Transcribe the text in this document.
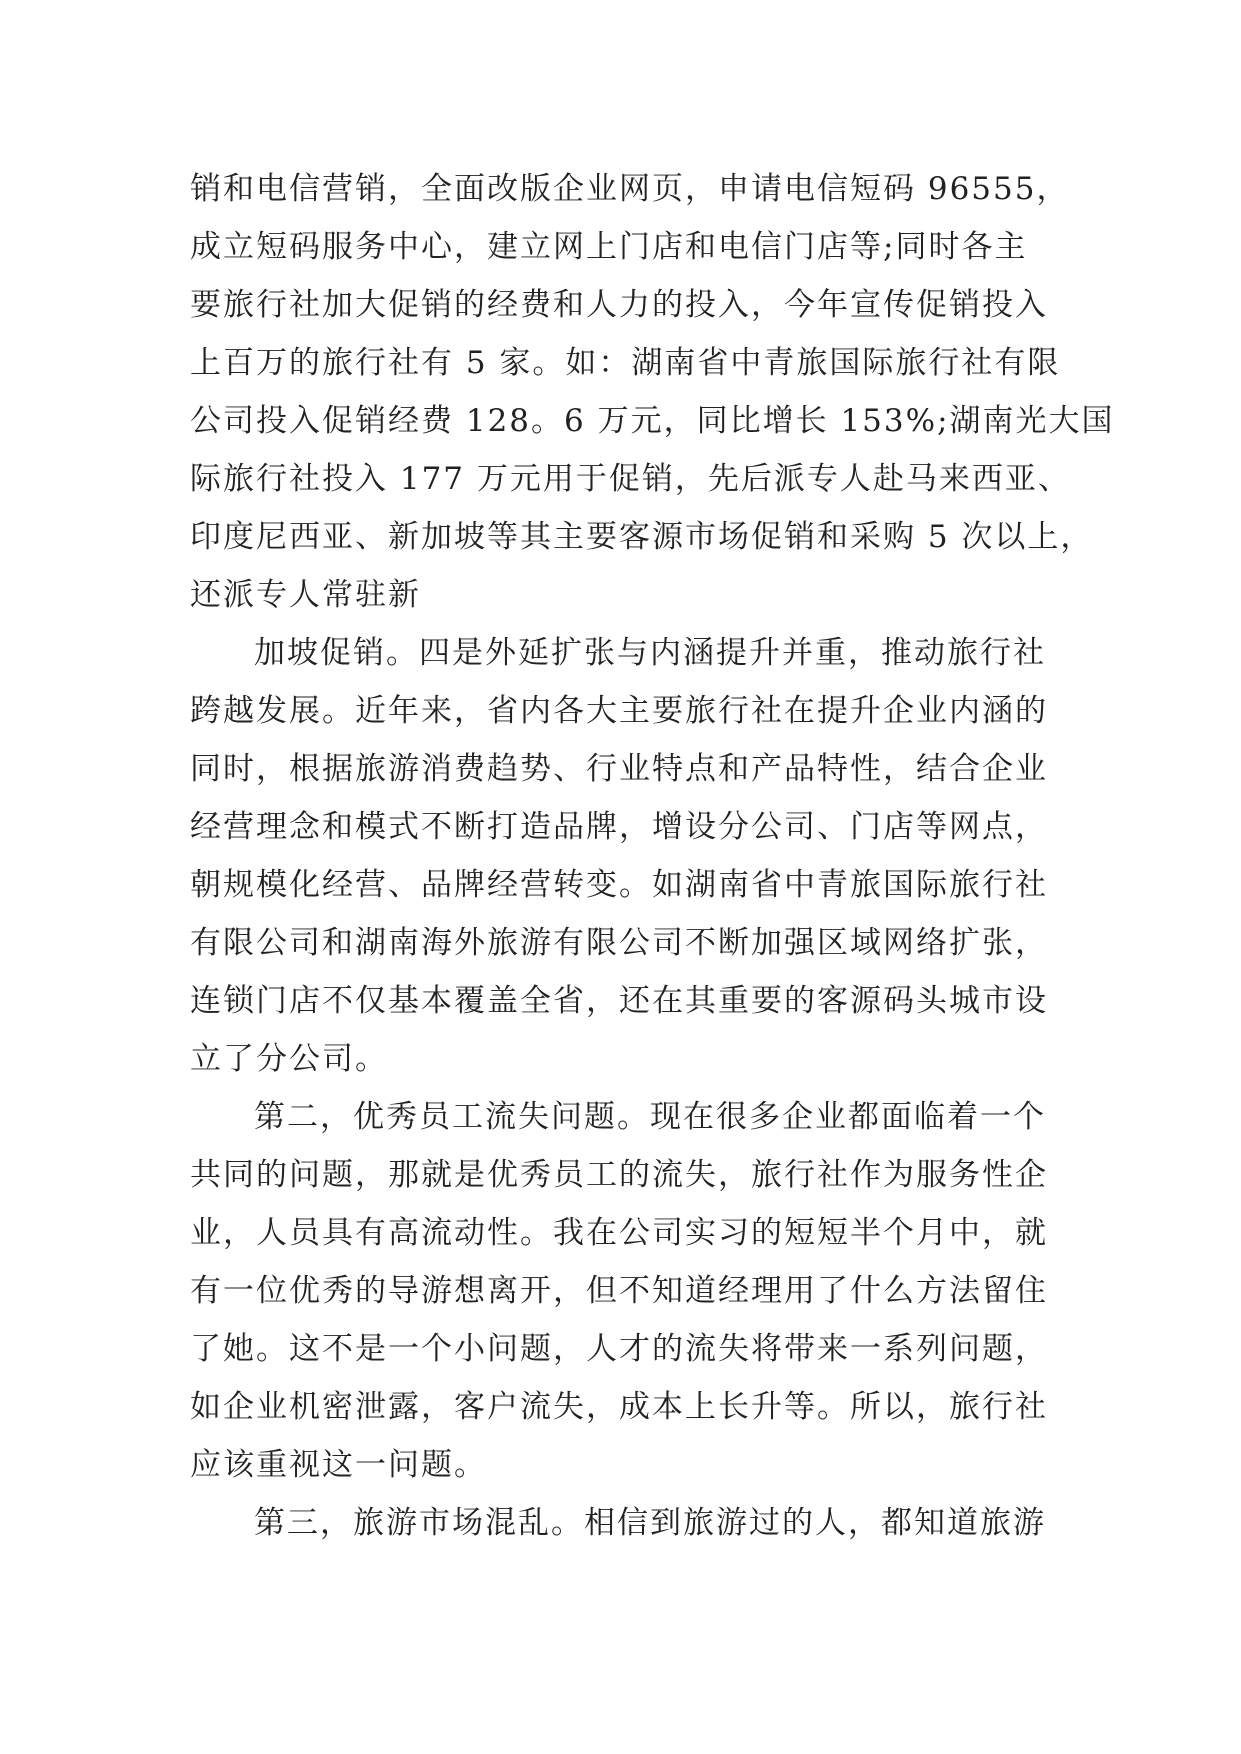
销和电信营销，全面改版企业网页，申请电信短码 96555，
成立短码服务中心，建立网上门店和电信门店等;同时各主
要旅行社加大促销的经费和人力的投入，今年宣传促销投入
上百万的旅行社有 5 家。如：湖南省中青旅国际旅行社有限
公司投入促销经费 128。6 万元，同比增长 153%;湖南光大国
际旅行社投入 177 万元用于促销，先后派专人赴马来西亚、
印度尼西亚、新加坡等其主要客源市场促销和采购 5 次以上，
还派专人常驻新
加坡促销。四是外延扩张与内涵提升并重，推动旅行社
跨越发展。近年来，省内各大主要旅行社在提升企业内涵的
同时，根据旅游消费趋势、行业特点和产品特性，结合企业
经营理念和模式不断打造品牌，增设分公司、门店等网点，
朝规模化经营、品牌经营转变。如湖南省中青旅国际旅行社
有限公司和湖南海外旅游有限公司不断加强区域网络扩张，
连锁门店不仅基本覆盖全省，还在其重要的客源码头城市设
立了分公司。
第二，优秀员工流失问题。现在很多企业都面临着一个
共同的问题，那就是优秀员工的流失，旅行社作为服务性企
业，人员具有高流动性。我在公司实习的短短半个月中，就
有一位优秀的导游想离开，但不知道经理用了什么方法留住
了她。这不是一个小问题，人才的流失将带来一系列问题，
如企业机密泄露，客户流失，成本上长升等。所以，旅行社
应该重视这一问题。
第三，旅游市场混乱。相信到旅游过的人，都知道旅游
